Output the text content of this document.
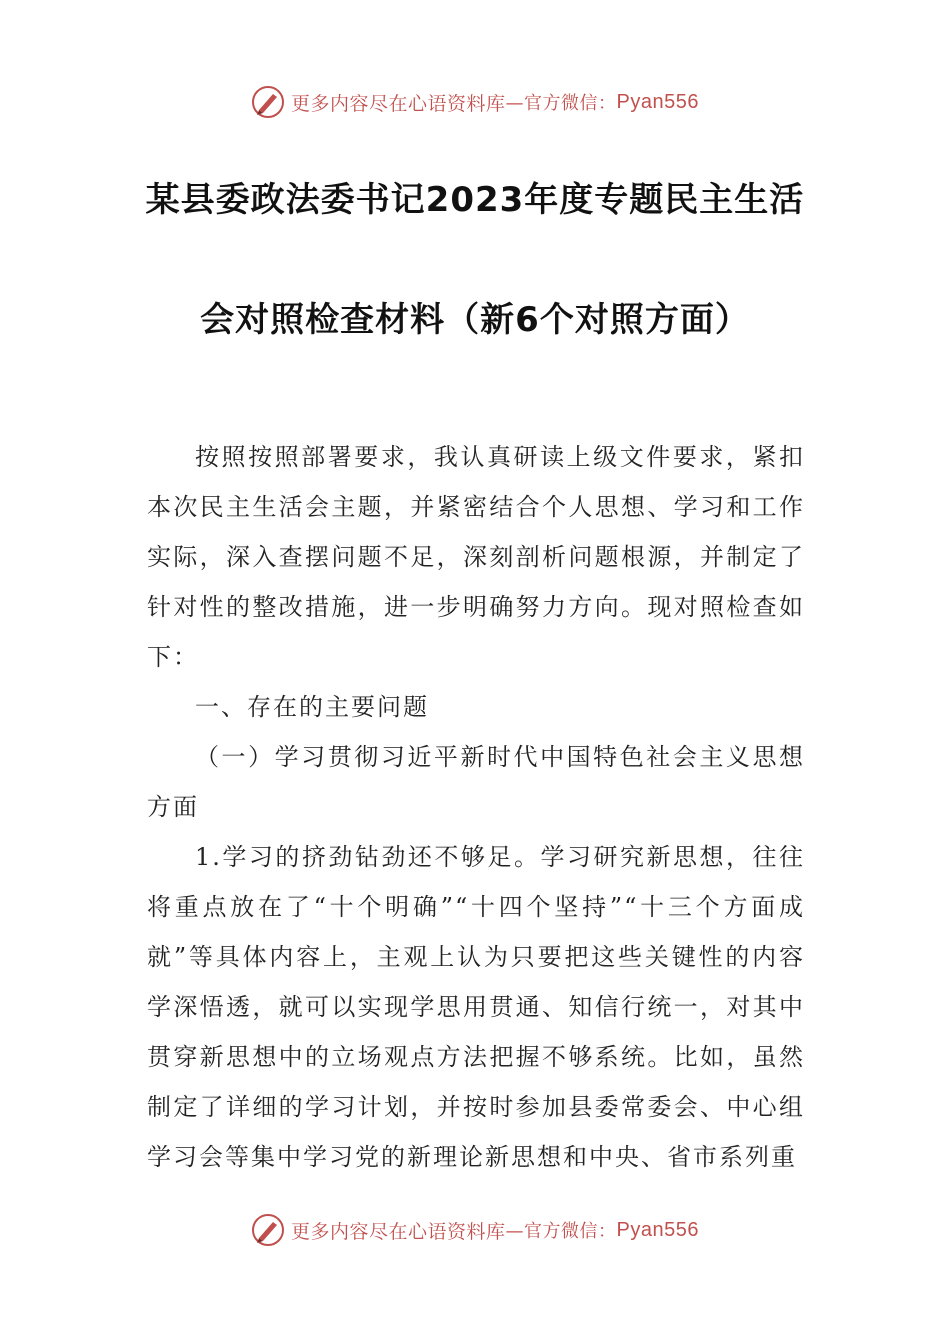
更多内容尽在心语资料库 —官方微信： Pyan556
某县委政法委书记2023年度专题民主生活
会对照检查材料（新6个对照方面）

按照按照部署要求，我认真研读上级文件要求，紧扣本次民主生活会主题，并紧密结合个人思想、学习和工作实际，深入查摆问题不足，深刻剖析问题根源，并制定了针对性的整改措施，进一步明确努力方向。现对照检查如下：

一、存在的主要问题

（一）学习贯彻习近平新时代中国特色社会主义思想方面

1.学习的挤劲钻劲还不够足。学习研究新思想，往往将重点放在了“十个明确”“十四个坚持”“十三个方面成就”等具体内容上，主观上认为只要把这些关键性的内容学深悟透，就可以实现学思用贯通、知信行统一，对其中贯穿新思想中的立场观点方法把握不够系统。比如，虽然制定了详细的学习计划，并按时参加县委常委会、中心组学习会等集中学习党的新理论新思想和中央、省市系列重

更多内容尽在心语资料库 —官方微信： Pyan556
